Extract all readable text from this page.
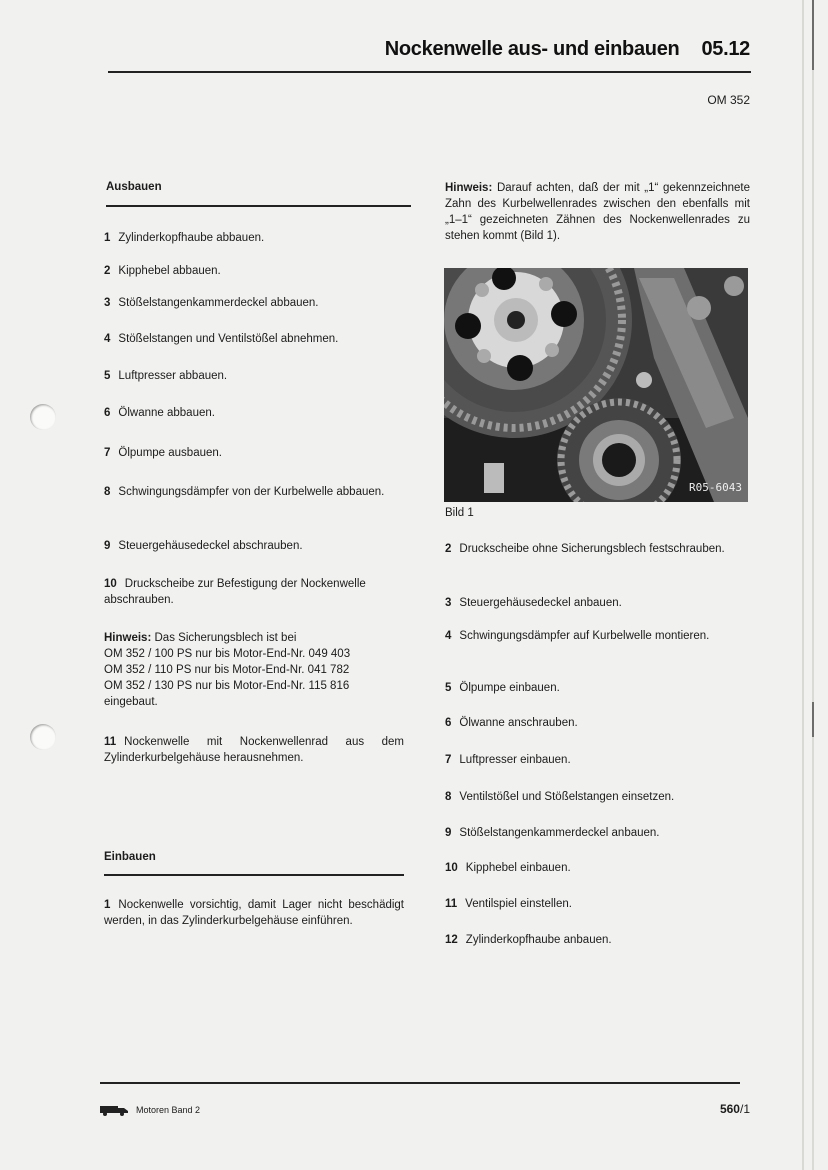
Nockenwelle aus- und einbauen 05.12
OM 352
Ausbauen
1 Zylinderkopfhaube abbauen.
2 Kipphebel abbauen.
3 Stößelstangenkammerdeckel abbauen.
4 Stößelstangen und Ventilstößel abnehmen.
5 Luftpresser abbauen.
6 Ölwanne abbauen.
7 Ölpumpe ausbauen.
8 Schwingungsdämpfer von der Kurbelwelle abbauen.
9 Steuergehäusedeckel abschrauben.
10 Druckscheibe zur Befestigung der Nockenwelle abschrauben.
Hinweis: Das Sicherungsblech ist bei
OM 352 / 100 PS nur bis Motor-End-Nr. 049 403
OM 352 / 110 PS nur bis Motor-End-Nr. 041 782
OM 352 / 130 PS nur bis Motor-End-Nr. 115 816
eingebaut.
11 Nockenwelle mit Nockenwellenrad aus dem Zylinderkurbelgehäuse herausnehmen.
Einbauen
1 Nockenwelle vorsichtig, damit Lager nicht beschädigt werden, in das Zylinderkurbelgehäuse einführen.
Hinweis: Darauf achten, daß der mit „1“ gekennzeichnete Zahn des Kurbelwellenrades zwischen den ebenfalls mit „1–1“ gezeichneten Zähnen des Nockenwellenrades zu stehen kommt (Bild 1).
R05-6043
Bild 1
2 Druckscheibe ohne Sicherungsblech festschrauben.
3 Steuergehäusedeckel anbauen.
4 Schwingungsdämpfer auf Kurbelwelle montieren.
5 Ölpumpe einbauen.
6 Ölwanne anschrauben.
7 Luftpresser einbauen.
8 Ventilstößel und Stößelstangen einsetzen.
9 Stößelstangenkammerdeckel anbauen.
10 Kipphebel einbauen.
11 Ventilspiel einstellen.
12 Zylinderkopfhaube anbauen.
Motoren Band 2	560/1
